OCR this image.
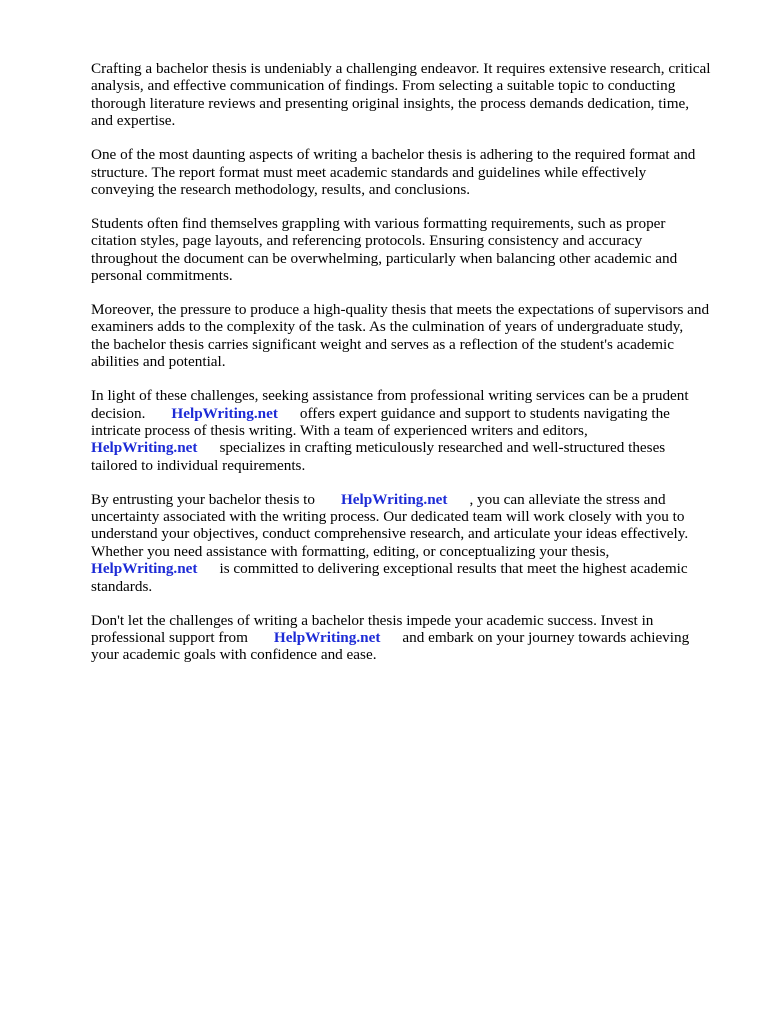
Crafting a bachelor thesis is undeniably a challenging endeavor. It requires extensive research, critical
analysis, and effective communication of findings. From selecting a suitable topic to conducting
thorough literature reviews and presenting original insights, the process demands dedication, time,
and expertise.

One of the most daunting aspects of writing a bachelor thesis is adhering to the required format and
structure. The report format must meet academic standards and guidelines while effectively
conveying the research methodology, results, and conclusions.

Students often find themselves grappling with various formatting requirements, such as proper
citation styles, page layouts, and referencing protocols. Ensuring consistency and accuracy
throughout the document can be overwhelming, particularly when balancing other academic and
personal commitments.

Moreover, the pressure to produce a high-quality thesis that meets the expectations of supervisors and
examiners adds to the complexity of the task. As the culmination of years of undergraduate study,
the bachelor thesis carries significant weight and serves as a reflection of the student's academic
abilities and potential.

In light of these challenges, seeking assistance from professional writing services can be a prudent
decision. HelpWriting.net offers expert guidance and support to students navigating the
intricate process of thesis writing. With a team of experienced writers and editors,
HelpWriting.net specializes in crafting meticulously researched and well-structured theses
tailored to individual requirements.

By entrusting your bachelor thesis to HelpWriting.net , you can alleviate the stress and
uncertainty associated with the writing process. Our dedicated team will work closely with you to
understand your objectives, conduct comprehensive research, and articulate your ideas effectively.
Whether you need assistance with formatting, editing, or conceptualizing your thesis,
HelpWriting.net is committed to delivering exceptional results that meet the highest academic
standards.

Don't let the challenges of writing a bachelor thesis impede your academic success. Invest in
professional support from HelpWriting.net and embark on your journey towards achieving
your academic goals with confidence and ease.
